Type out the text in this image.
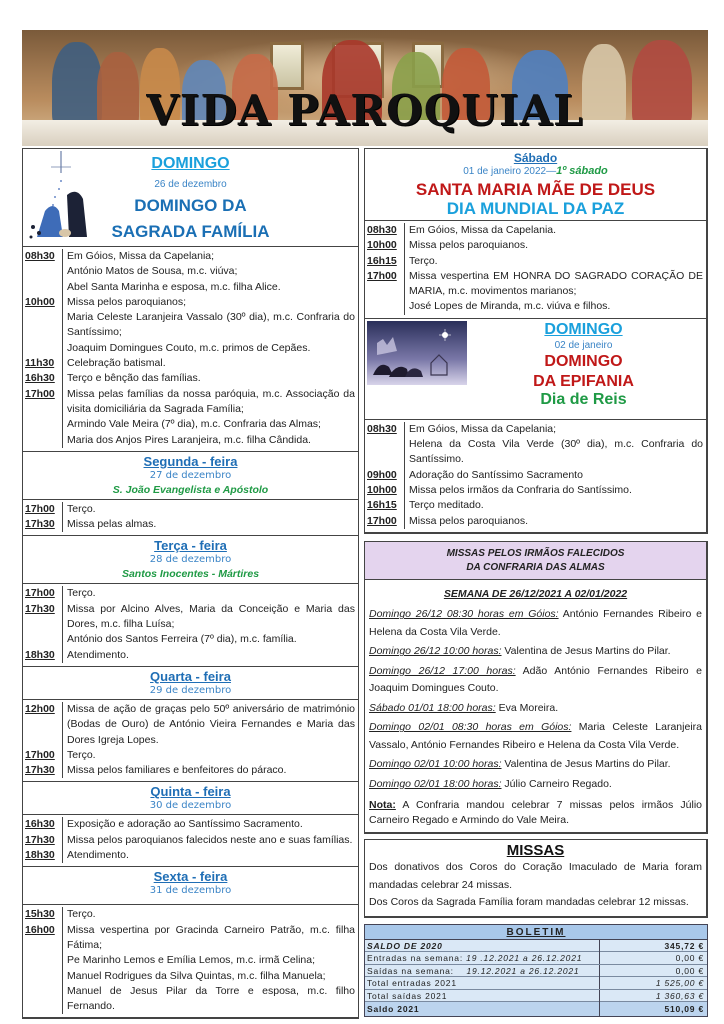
VIDA PAROQUIAL
DOMINGO
26 de dezembro
DOMINGO DA
SAGRADA FAMÍLIA
08h30	Em Góios, Missa da Capelania;
António Matos de Sousa, m.c. viúva;
Abel Santa Marinha e esposa, m.c. filha Alice.
10h00	Missa pelos paroquianos;
Maria Celeste Laranjeira Vassalo (30º dia), m.c. Confraria do Santíssimo;
Joaquim Domingues Couto, m.c. primos de Cepães.
11h30	Celebração batismal.
16h30	Terço e bênção das famílias.
17h00	Missa pelas famílias da nossa paróquia, m.c. Associação da visita domiciliária da Sagrada Família;
Armindo Vale Meira (7º dia), m.c. Confraria das Almas;
Maria dos Anjos Pires Laranjeira, m.c. filha Cândida.
Segunda - feira
27 de dezembro
S. João Evangelista e Apóstolo
17h00	Terço.
17h30	Missa pelas almas.
Terça - feira
28 de dezembro
Santos Inocentes - Mártires
17h00	Terço.
17h30	Missa por Alcino Alves, Maria da Conceição e Maria das Dores, m.c. filha Luísa;
António dos Santos Ferreira (7º dia), m.c. família.
18h30	Atendimento.
Quarta - feira
29 de dezembro
12h00	Missa de ação de graças pelo 50º aniversário de matrimónio (Bodas de Ouro) de António Vieira Fernandes e Maria das Dores Igreja Lopes.
17h00	Terço.
17h30	Missa pelos familiares e benfeitores do páraco.
Quinta - feira
30 de dezembro
16h30	Exposição e adoração ao Santíssimo Sacramento.
17h30	Missa pelos paroquianos falecidos neste ano e suas famílias.
18h30	Atendimento.
Sexta - feira
31 de dezembro
15h30	Terço.
16h00	Missa vespertina por Gracinda Carneiro Patrão, m.c. filha Fátima;
Pe Marinho Lemos e Emília Lemos, m.c. irmã Celina;
Manuel Rodrigues da Silva Quintas, m.c. filha Manuela;
Manuel de Jesus Pilar da Torre e esposa, m.c. filho Fernando.
Sábado
01 de janeiro 2022—1º sábado
SANTA MARIA MÃE DE DEUS
DIA MUNDIAL DA PAZ
08h30	Em Góios, Missa da Capelania.
10h00	Missa pelos paroquianos.
16h15	Terço.
17h00	Missa vespertina EM HONRA DO SAGRADO CORAÇÃO DE MARIA, m.c. movimentos marianos;
José Lopes de Miranda, m.c. viúva e filhos.
DOMINGO
02 de janeiro
DOMINGO
DA EPIFANIA
Dia de Reis
08h30	Em Góios, Missa da Capelania;
Helena da Costa Vila Verde (30º dia), m.c. Confraria do Santíssimo.
09h00	Adoração do Santíssimo Sacramento
10h00	Missa pelos irmãos da Confraria do Santíssimo.
16h15	Terço meditado.
17h00	Missa pelos paroquianos.
MISSAS PELOS IRMÃOS FALECIDOS
DA CONFRARIA DAS ALMAS
SEMANA DE 26/12/2021 A 02/01/2022
Domingo 26/12 08:30 horas em Góios: António Fernandes Ribeiro e Helena da Costa Vila Verde.
Domingo 26/12 10:00 horas: Valentina de Jesus Martins do Pilar.
Domingo 26/12 17:00 horas: Adão António Fernandes Ribeiro e Joaquim Domingues Couto.
Sábado 01/01 18:00 horas: Eva Moreira.
Domingo 02/01 08:30 horas em Góios: Maria Celeste Laranjeira Vassalo, António Fernandes Ribeiro e Helena da Costa Vila Verde.
Domingo 02/01 10:00 horas: Valentina de Jesus Martins do Pilar.
Domingo 02/01 18:00 horas: Júlio Carneiro Regado.
Nota: A Confraria mandou celebrar 7 missas pelos irmãos Júlio Carneiro Regado e Armindo do Vale Meira.
MISSAS
Dos donativos dos Coros do Coração Imaculado de Maria foram mandadas celebrar 24 missas.
Dos Coros da Sagrada Família foram mandadas celebrar 12 missas.
BOLETIM
SALDO DE 2020	345,72 €
Entradas na semana: 19 .12.2021 a 26.12.2021	0,00 €
Saídas na semana:    19.12.2021 a 26.12.2021	0,00 €
Total entradas 2021	1 525,00 €
Total saídas 2021	1 360,63 €
Saldo 2021	510,09 €
